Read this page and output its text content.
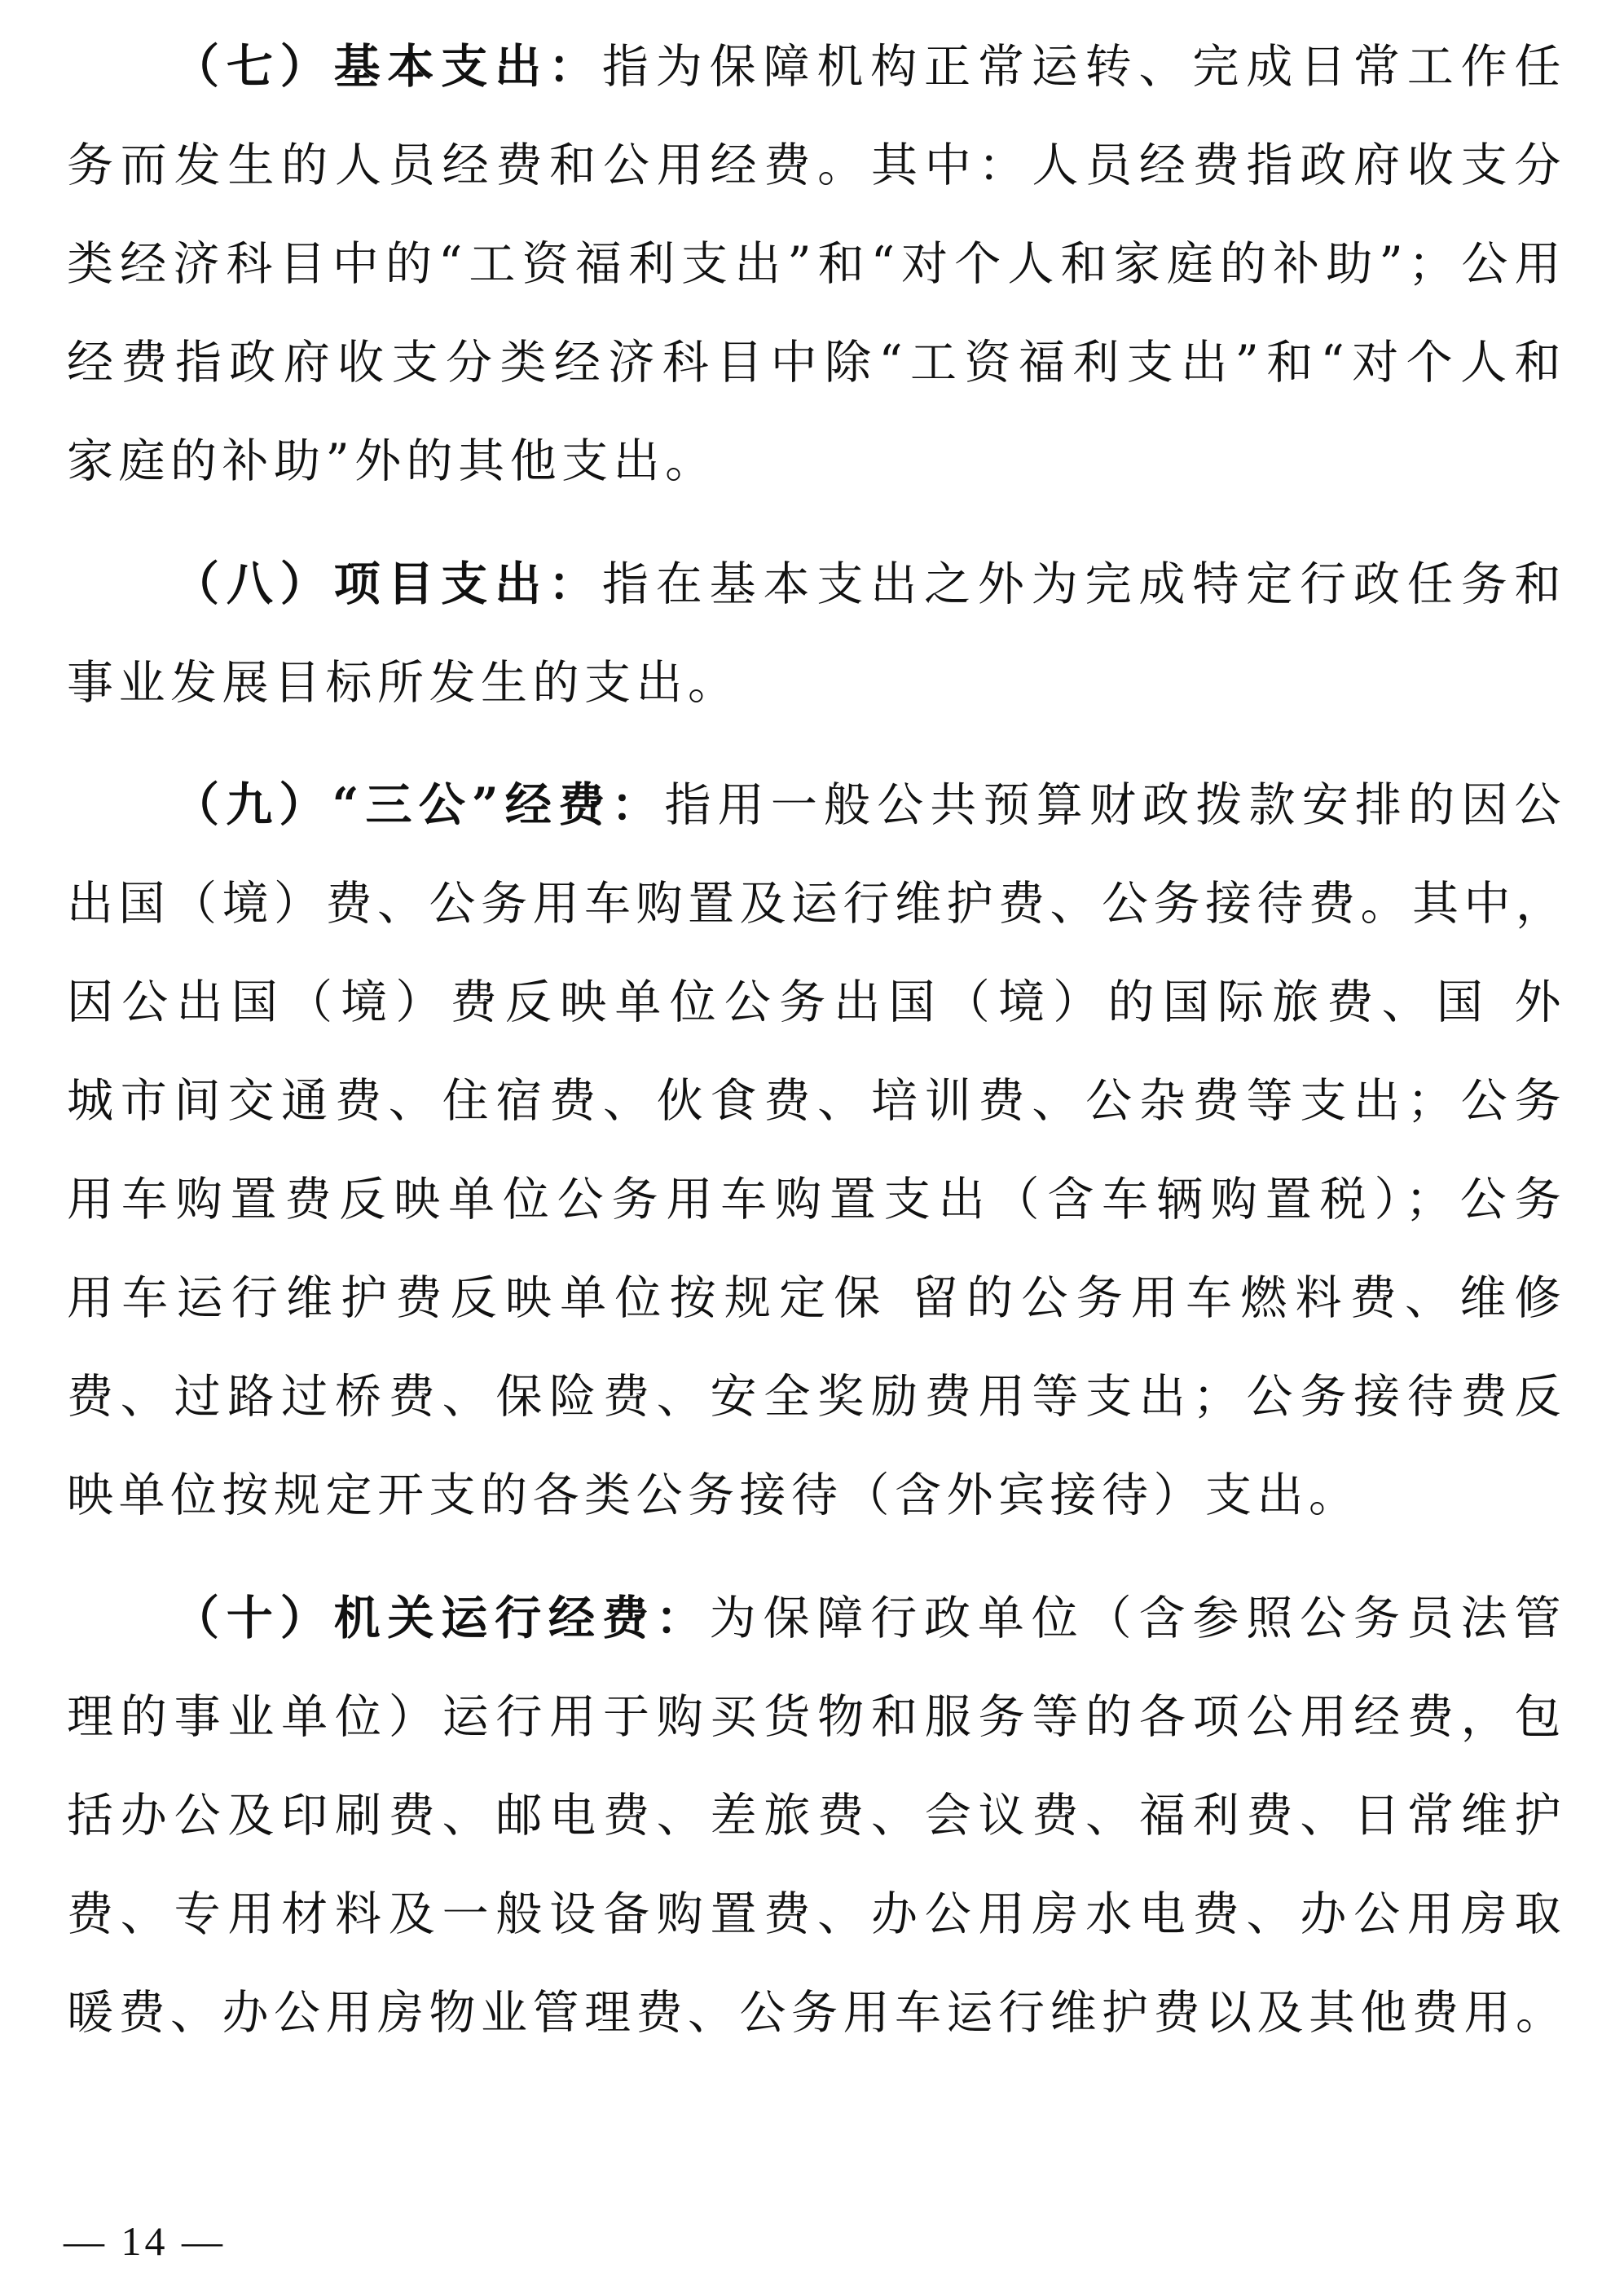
（七）基本支出：指为保障机构正常运转、完成日常工作任
务而发生的人员经费和公用经费。其中：人员经费指政府收支分
类经济科目中的“工资福利支出”和“对个人和家庭的补助”；公用
经费指政府收支分类经济科目中除“工资福利支出”和“对个人和
家庭的补助”外的其他支出。
（八）项目支出：指在基本支出之外为完成特定行政任务和
事业发展目标所发生的支出。
（九）“三公”经费：指用一般公共预算财政拨款安排的因公
出国（境）费、公务用车购置及运行维护费、公务接待费。其中，
因公出国（境）费反映单位公务出国（境）的国际旅费、国 外
城市间交通费、住宿费、伙食费、培训费、公杂费等支出；公务
用车购置费反映单位公务用车购置支出（含车辆购置税）；公务
用车运行维护费反映单位按规定保 留的公务用车燃料费、维修
费、过路过桥费、保险费、安全奖励费用等支出；公务接待费反
映单位按规定开支的各类公务接待（含外宾接待）支出。
（十）机关运行经费：为保障行政单位（含参照公务员法管
理的事业单位）运行用于购买货物和服务等的各项公用经费，包
括办公及印刷费、邮电费、差旅费、会议费、福利费、日常维护
费、专用材料及一般设备购置费、办公用房水电费、办公用房取
暖费、办公用房物业管理费、公务用车运行维护费以及其他费用。
— 14 —
